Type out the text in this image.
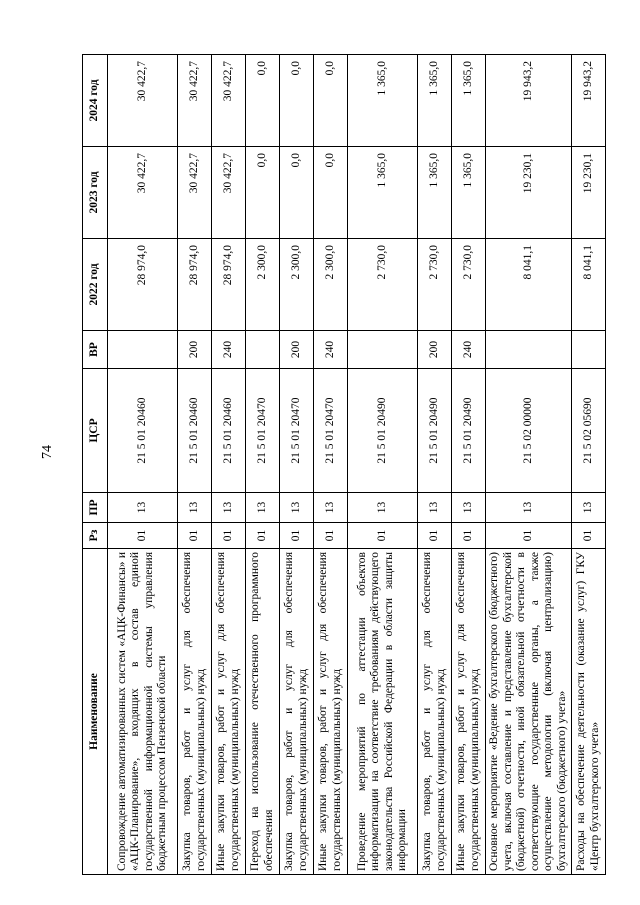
74
Наименование	Рз	ПР	ЦСР	ВР	2022 год	2023 год	2024 год
Сопровождение автоматизированных систем «АЦК-Финансы» и «АЦК-Планирование», входящих в состав единой государственной информационной системы управления бюджетным процессом Пензенской области	01	13	21 5 01 20460		28 974,0	30 422,7	30 422,7
Закупка товаров, работ и услуг для обеспечения государственных (муниципальных) нужд	01	13	21 5 01 20460	200	28 974,0	30 422,7	30 422,7
Иные закупки товаров, работ и услуг для обеспечения государственных (муниципальных) нужд	01	13	21 5 01 20460	240	28 974,0	30 422,7	30 422,7
Переход на использование отечественного программного обеспечения	01	13	21 5 01 20470		2 300,0	0,0	0,0
Закупка товаров, работ и услуг для обеспечения государственных (муниципальных) нужд	01	13	21 5 01 20470	200	2 300,0	0,0	0,0
Иные закупки товаров, работ и услуг для обеспечения государственных (муниципальных) нужд	01	13	21 5 01 20470	240	2 300,0	0,0	0,0
Проведение мероприятий по аттестации объектов информатизации на соответствие требованиям действующего законодательства Российской Федерации в области защиты информации	01	13	21 5 01 20490		2 730,0	1 365,0	1 365,0
Закупка товаров, работ и услуг для обеспечения государственных (муниципальных) нужд	01	13	21 5 01 20490	200	2 730,0	1 365,0	1 365,0
Иные закупки товаров, работ и услуг для обеспечения государственных (муниципальных) нужд	01	13	21 5 01 20490	240	2 730,0	1 365,0	1 365,0
Основное мероприятие «Ведение бухгалтерского (бюджетного) учета, включая составление и представление бухгалтерской (бюджетной) отчетности, иной обязательной отчетности в соответствующие государственные органы, а также осуществление методологии (включая централизацию) бухгалтерского (бюджетного) учета»	01	13	21 5 02 00000		8 041,1	19 230,1	19 943,2
Расходы на обеспечение деятельности (оказание услуг) ГКУ «Центр бухгалтерского учета»	01	13	21 5 02 05690		8 041,1	19 230,1	19 943,2
